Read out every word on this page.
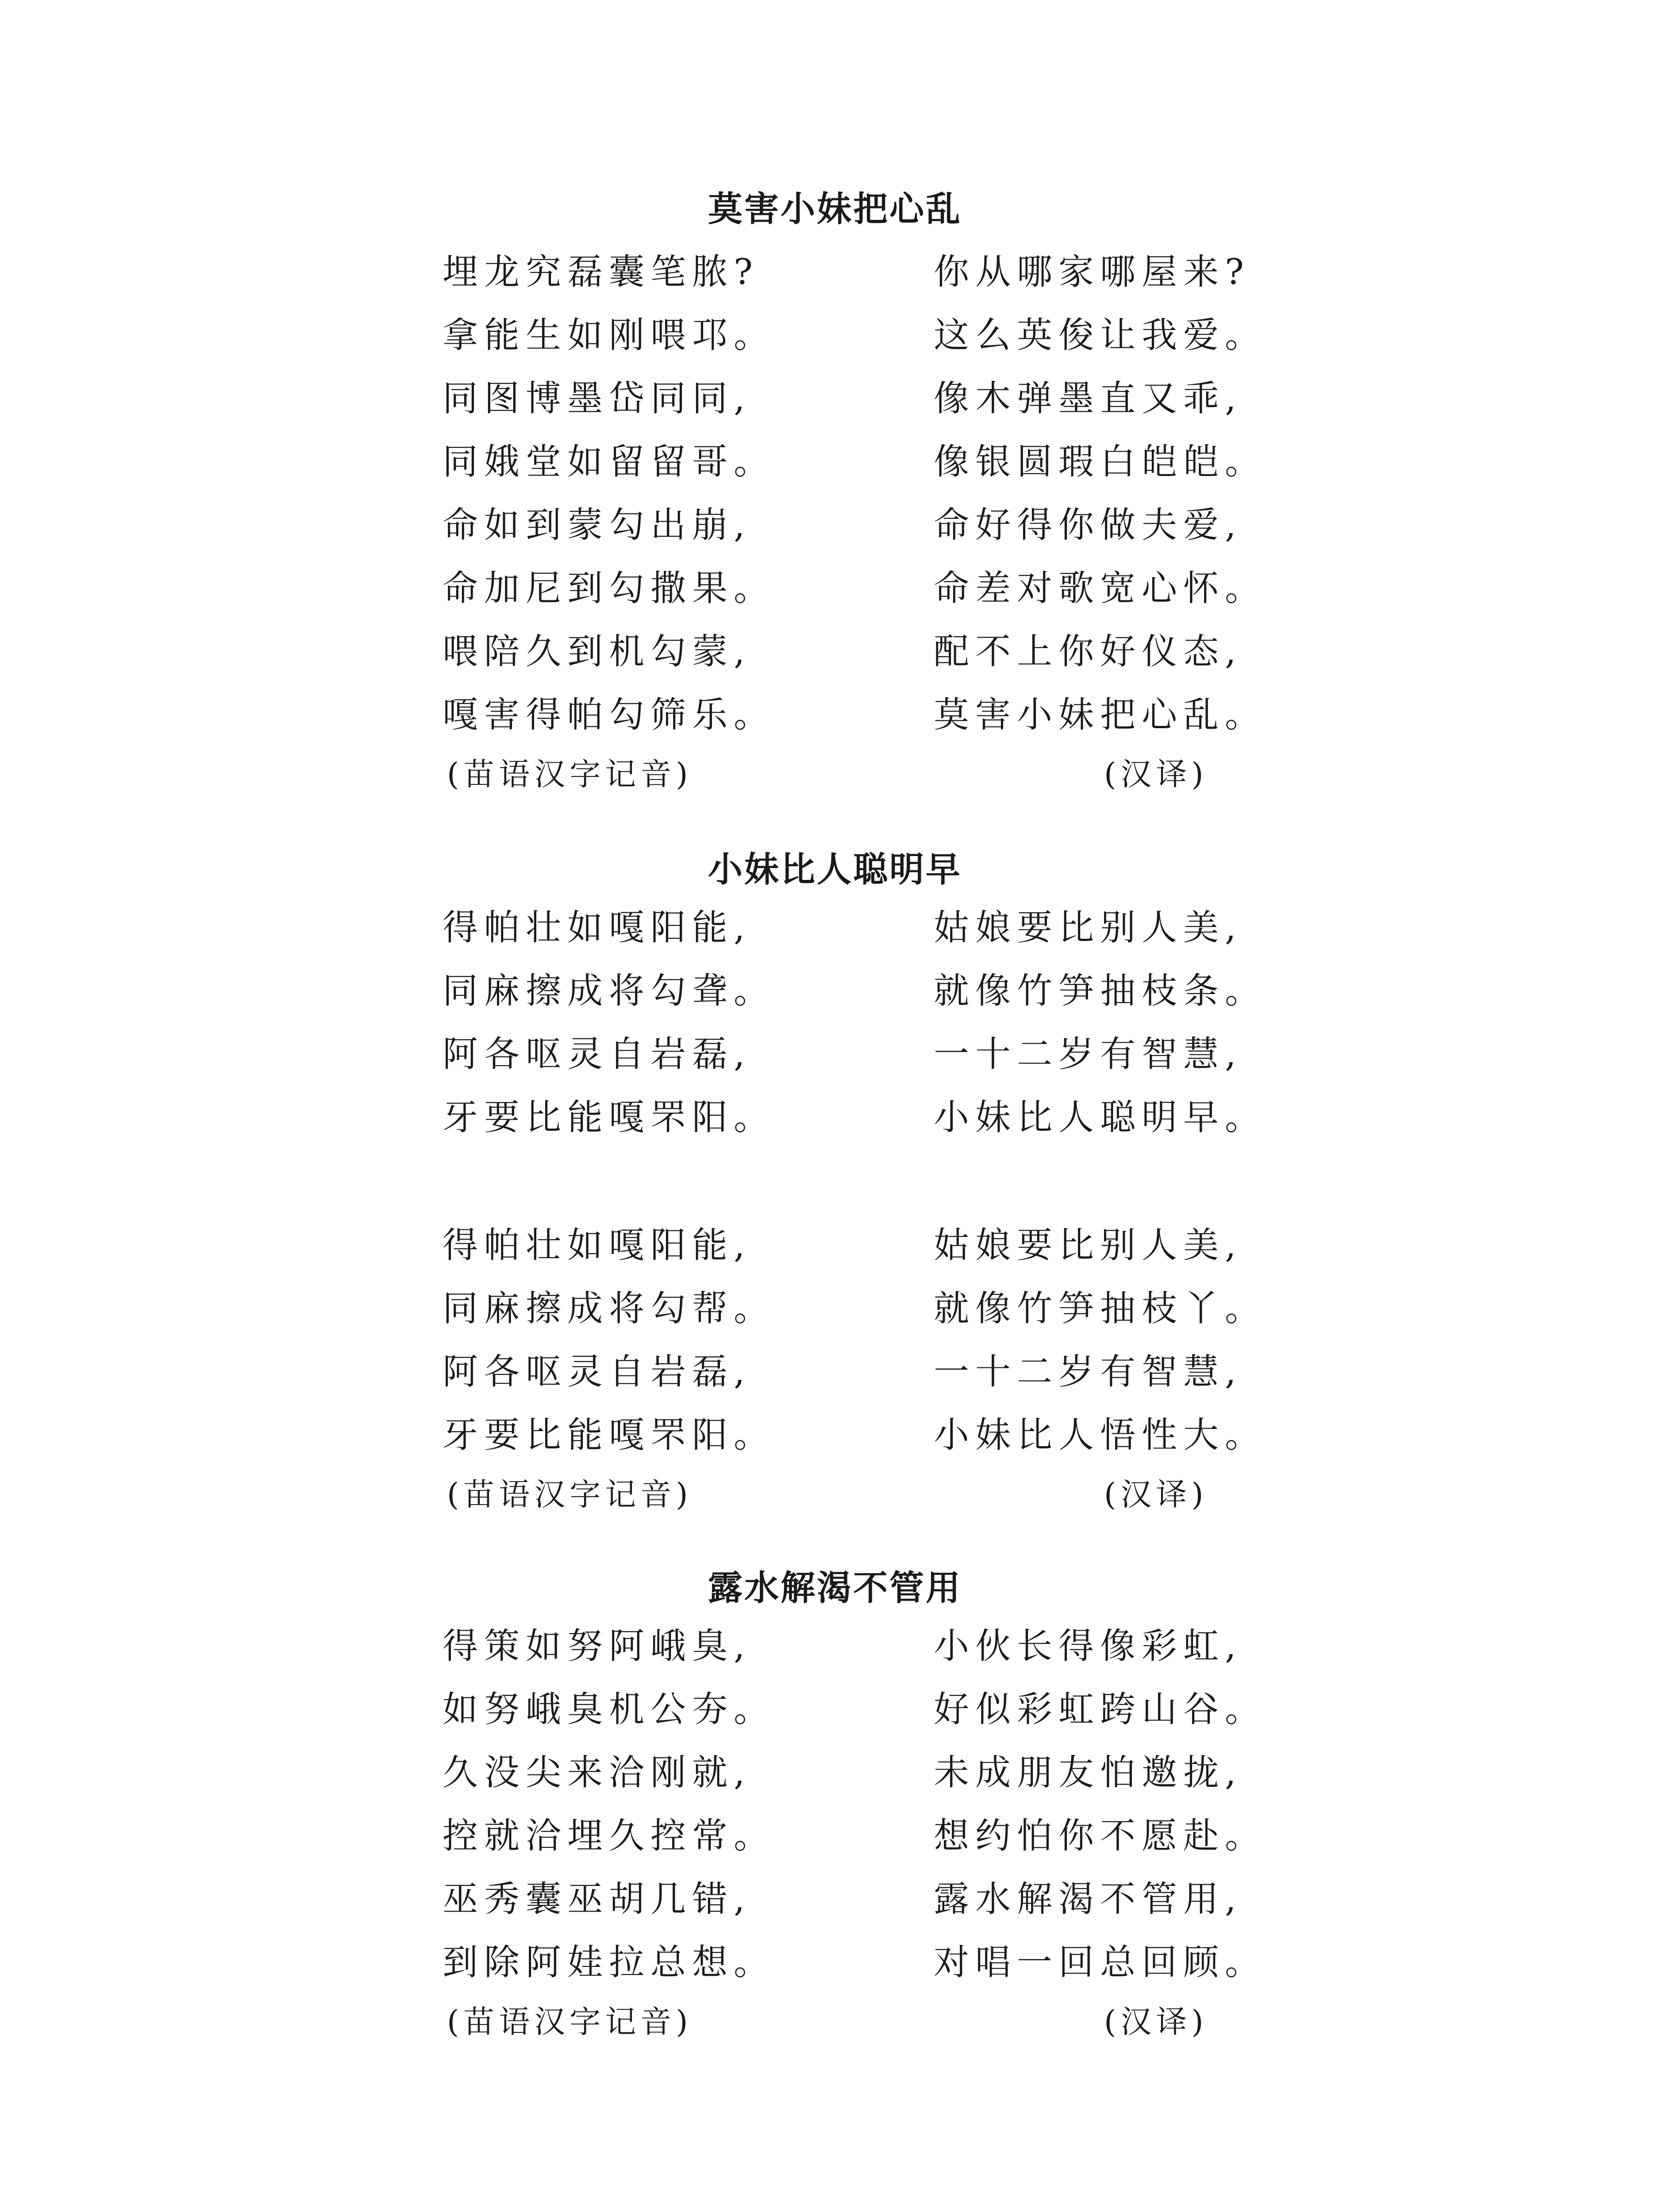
莫害小妹把心乱
埋龙究磊囊笔脓?	你从哪家哪屋来?
拿能生如刚喂邛。	这么英俊让我爱。
同图博墨岱同同,	像木弹墨直又乖,
同娥堂如留留哥。	像银圆瑕白皑皑。
命如到蒙勾出崩,	命好得你做夫爱,
命加尼到勾撒果。	命差对歌宽心怀。
喂陪久到机勾蒙,	配不上你好仪态,
嘎害得帕勾筛乐。	莫害小妹把心乱。
(苗语汉字记音)	(汉译)
小妹比人聪明早
得帕壮如嘎阳能,	姑娘要比别人美,
同麻擦成将勾聋。	就像竹笋抽枝条。
阿各呕灵自岩磊,	一十二岁有智慧,
牙要比能嘎罘阳。	小妹比人聪明早。
得帕壮如嘎阳能,	姑娘要比别人美,
同麻擦成将勾帮。	就像竹笋抽枝丫。
阿各呕灵自岩磊,	一十二岁有智慧,
牙要比能嘎罘阳。	小妹比人悟性大。
(苗语汉字记音)	(汉译)
露水解渴不管用
得策如努阿峨臭,	小伙长得像彩虹,
如努峨臭机公夯。	好似彩虹跨山谷。
久没尖来洽刚就,	未成朋友怕邀拢,
控就洽埋久控常。	想约怕你不愿赴。
巫秀囊巫胡几错,	露水解渴不管用,
到除阿娃拉总想。	对唱一回总回顾。
(苗语汉字记音)	(汉译)
